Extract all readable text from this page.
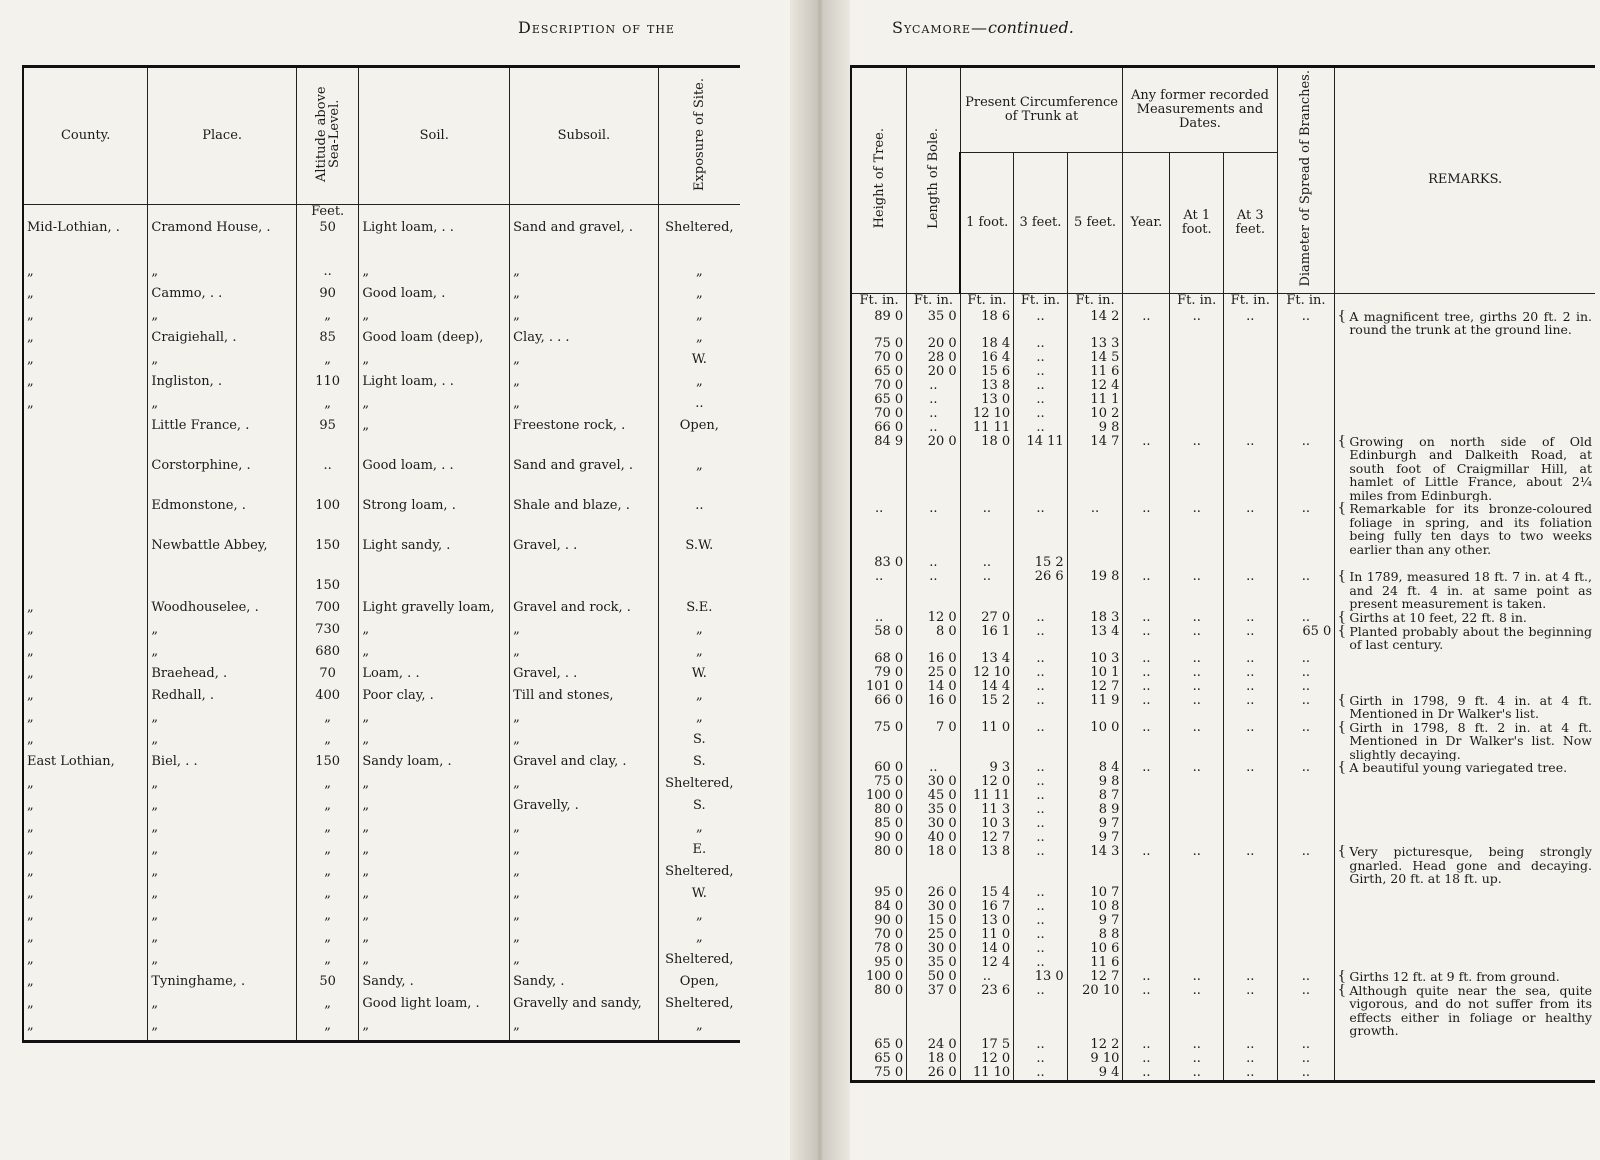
Description of the
County.	Place.	Altitude above Sea-Level.	Soil.	Subsoil.	Exposure of Site.
		Feet.			
Mid-Lothian, .	Cramond House, .	50	Light loam, . .	Sand and gravel, .	Sheltered,

„	„	..	„	„	„
„	Cammo, . .	90	Good loam, .	„	„
„	„	„	„	„	„
„	Craigiehall, .	85	Good loam (deep),	Clay, . . .	„
„	„	„	„	„	W.
„	Ingliston, .	110	Light loam, . .	„	„
„	„	„	„	„	..
	Little France, .	95	„	Freestone rock, .	Open,
	Corstorphine, .	..	Good loam, . .	Sand and gravel, .	„
	Edmonstone, .	100	Strong loam, .	Shale and blaze, .	..
	Newbattle Abbey,	150	Light sandy, .	Gravel, . .	S.W.
		150			
„	Woodhouselee, .	700	Light gravelly loam,	Gravel and rock, .	S.E.
„	„	730	„	„	„
„	„	680	„	„	„
„	Braehead, .	70	Loam, . .	Gravel, . .	W.
„	Redhall, .	400	Poor clay, .	Till and stones,	„
„	„	„	„	„	„
„	„	„	„	„	S.
East Lothian,	Biel, . .	150	Sandy loam, .	Gravel and clay, .	S.
„	„	„	„	„	Sheltered,
„	„	„	„	Gravelly, .	S.
„	„	„	„	„	„
„	„	„	„	„	E.
„	„	„	„	„	Sheltered,
„	„	„	„	„	W.
„	„	„	„	„	„
„	„	„	„	„	„
„	„	„	„	„	Sheltered,
„	Tyninghame, .	50	Sandy, .	Sandy, .	Open,
„	„	„	Good light loam, .	Gravelly and sandy,	Sheltered,
„	„	„	„	„	„
Sycamore—continued.
Height of Tree.	Length of Bole.	Present Circumference of Trunk at			Any former recorded Measurements and Dates.			Diameter of Spread of Branches.	REMARKS.
		1 foot.	3 feet.	5 feet.	Year.	At 1 foot.	At 3 feet.		
Ft. in.	Ft. in.	Ft. in.	Ft. in.	Ft. in.		Ft. in.	Ft. in.	Ft. in.	
89 0	35 0	18 6	..	14 2	..	..	..	..	{ A magnificent tree, girths 20 ft. 2 in. round the trunk at the ground line.
75 0	20 0	18 4	..	13 3					
70 0	28 0	16 4	..	14 5					
65 0	20 0	15 6	..	11 6					
70 0	..	13 8	..	12 4					
65 0	..	13 0	..	11 1					
70 0	..	12 10	..	10 2					
66 0	..	11 11	..	9 8					
84 9	20 0	18 0	14 11	14 7	..	..	..	..	{ Growing on north side of Old Edinburgh and Dalkeith Road, at south foot of Craigmillar Hill, at hamlet of Little France, about 2¼ miles from Edinburgh.
..	..	..	..	..	..	..	..	..	{ Remarkable for its bronze-coloured foliage in spring, and its foliation being fully ten days to two weeks earlier than any other.
83 0	..	..	15 2						
..	..	..	26 6	19 8	..	..	..	..	{ In 1789, measured 18 ft. 7 in. at 4 ft., and 24 ft. 4 in. at same point as present measurement is taken.
..	12 0	27 0	..	18 3	..	..	..	..	{ Girths at 10 feet, 22 ft. 8 in.
58 0	8 0	16 1	..	13 4	..	..	..	65 0	{ Planted probably about the beginning of last century.
68 0	16 0	13 4	..	10 3	..	..	..	..	
79 0	25 0	12 10	..	10 1	..	..	..	..	
101 0	14 0	14 4	..	12 7	..	..	..	..	
66 0	16 0	15 2	..	11 9	..	..	..	..	{ Girth in 1798, 9 ft. 4 in. at 4 ft. Mentioned in Dr Walker's list.
75 0	7 0	11 0	..	10 0	..	..	..	..	{ Girth in 1798, 8 ft. 2 in. at 4 ft. Mentioned in Dr Walker's list. Now slightly decaying.
60 0	..	9 3	..	8 4	..	..	..	..	{ A beautiful young variegated tree.
75 0	30 0	12 0	..	9 8					
100 0	45 0	11 11	..	8 7					
80 0	35 0	11 3	..	8 9					
85 0	30 0	10 3	..	9 7					
90 0	40 0	12 7	..	9 7					
80 0	18 0	13 8	..	14 3	..	..	..	..	{ Very picturesque, being strongly gnarled. Head gone and decaying. Girth, 20 ft. at 18 ft. up.
95 0	26 0	15 4	..	10 7					
84 0	30 0	16 7	..	10 8					
90 0	15 0	13 0	..	9 7					
70 0	25 0	11 0	..	8 8					
78 0	30 0	14 0	..	10 6					
95 0	35 0	12 4	..	11 6					
100 0	50 0	..	13 0	12 7	..	..	..	..	{ Girths 12 ft. at 9 ft. from ground.
80 0	37 0	23 6	..	20 10	..	..	..	..	{ Although quite near the sea, quite vigorous, and do not suffer from its effects either in foliage or healthy growth.
65 0	24 0	17 5	..	12 2	..	..	..	..	
65 0	18 0	12 0	..	9 10	..	..	..	..	
75 0	26 0	11 10	..	9 4	..	..	..	..	
